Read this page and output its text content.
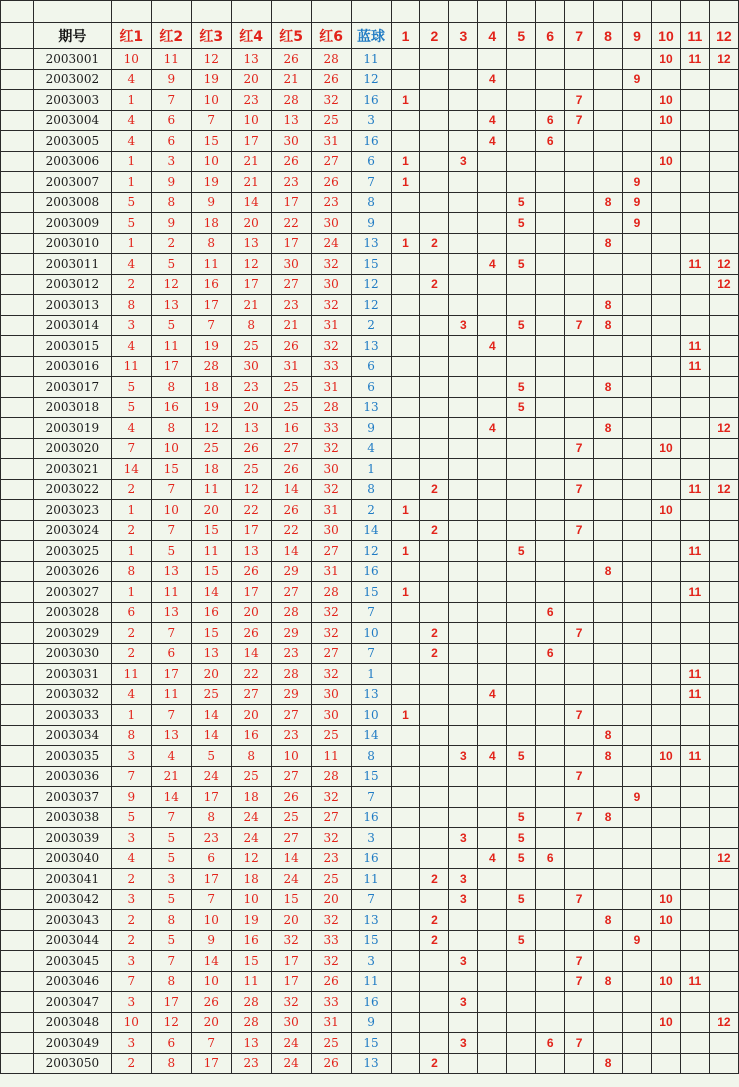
	期号	红1	红2	红3	红4	红5	红6	蓝球	1	2	3	4	5	6	7	8	9	10	11	12
	2003001	10	11	12	13	26	28	11										10	11	12
	2003002	4	9	19	20	21	26	12				4					9			
	2003003	1	7	10	23	28	32	16	1						7			10		
	2003004	4	6	7	10	13	25	3				4		6	7			10		
	2003005	4	6	15	17	30	31	16				4		6						
	2003006	1	3	10	21	26	27	6	1		3							10		
	2003007	1	9	19	21	23	26	7	1								9			
	2003008	5	8	9	14	17	23	8					5			8	9			
	2003009	5	9	18	20	22	30	9					5				9			
	2003010	1	2	8	13	17	24	13	1	2						8				
	2003011	4	5	11	12	30	32	15				4	5						11	12
	2003012	2	12	16	17	27	30	12		2										12
	2003013	8	13	17	21	23	32	12								8				
	2003014	3	5	7	8	21	31	2			3		5		7	8				
	2003015	4	11	19	25	26	32	13				4							11	
	2003016	11	17	28	30	31	33	6											11	
	2003017	5	8	18	23	25	31	6					5			8				
	2003018	5	16	19	20	25	28	13					5							
	2003019	4	8	12	13	16	33	9				4				8				12
	2003020	7	10	25	26	27	32	4							7			10		
	2003021	14	15	18	25	26	30	1												
	2003022	2	7	11	12	14	32	8		2					7				11	12
	2003023	1	10	20	22	26	31	2	1									10		
	2003024	2	7	15	17	22	30	14		2					7					
	2003025	1	5	11	13	14	27	12	1				5						11	
	2003026	8	13	15	26	29	31	16								8				
	2003027	1	11	14	17	27	28	15	1										11	
	2003028	6	13	16	20	28	32	7						6						
	2003029	2	7	15	26	29	32	10		2					7					
	2003030	2	6	13	14	23	27	7		2				6						
	2003031	11	17	20	22	28	32	1											11	
	2003032	4	11	25	27	29	30	13				4							11	
	2003033	1	7	14	20	27	30	10	1						7					
	2003034	8	13	14	16	23	25	14								8				
	2003035	3	4	5	8	10	11	8			3	4	5			8		10	11	
	2003036	7	21	24	25	27	28	15							7					
	2003037	9	14	17	18	26	32	7									9			
	2003038	5	7	8	24	25	27	16					5		7	8				
	2003039	3	5	23	24	27	32	3			3		5							
	2003040	4	5	6	12	14	23	16				4	5	6						12
	2003041	2	3	17	18	24	25	11		2	3									
	2003042	3	5	7	10	15	20	7			3		5		7			10		
	2003043	2	8	10	19	20	32	13		2						8		10		
	2003044	2	5	9	16	32	33	15		2			5				9			
	2003045	3	7	14	15	17	32	3			3				7					
	2003046	7	8	10	11	17	26	11							7	8		10	11	
	2003047	3	17	26	28	32	33	16			3									
	2003048	10	12	20	28	30	31	9										10		12
	2003049	3	6	7	13	24	25	15			3			6	7					
	2003050	2	8	17	23	24	26	13		2						8				
